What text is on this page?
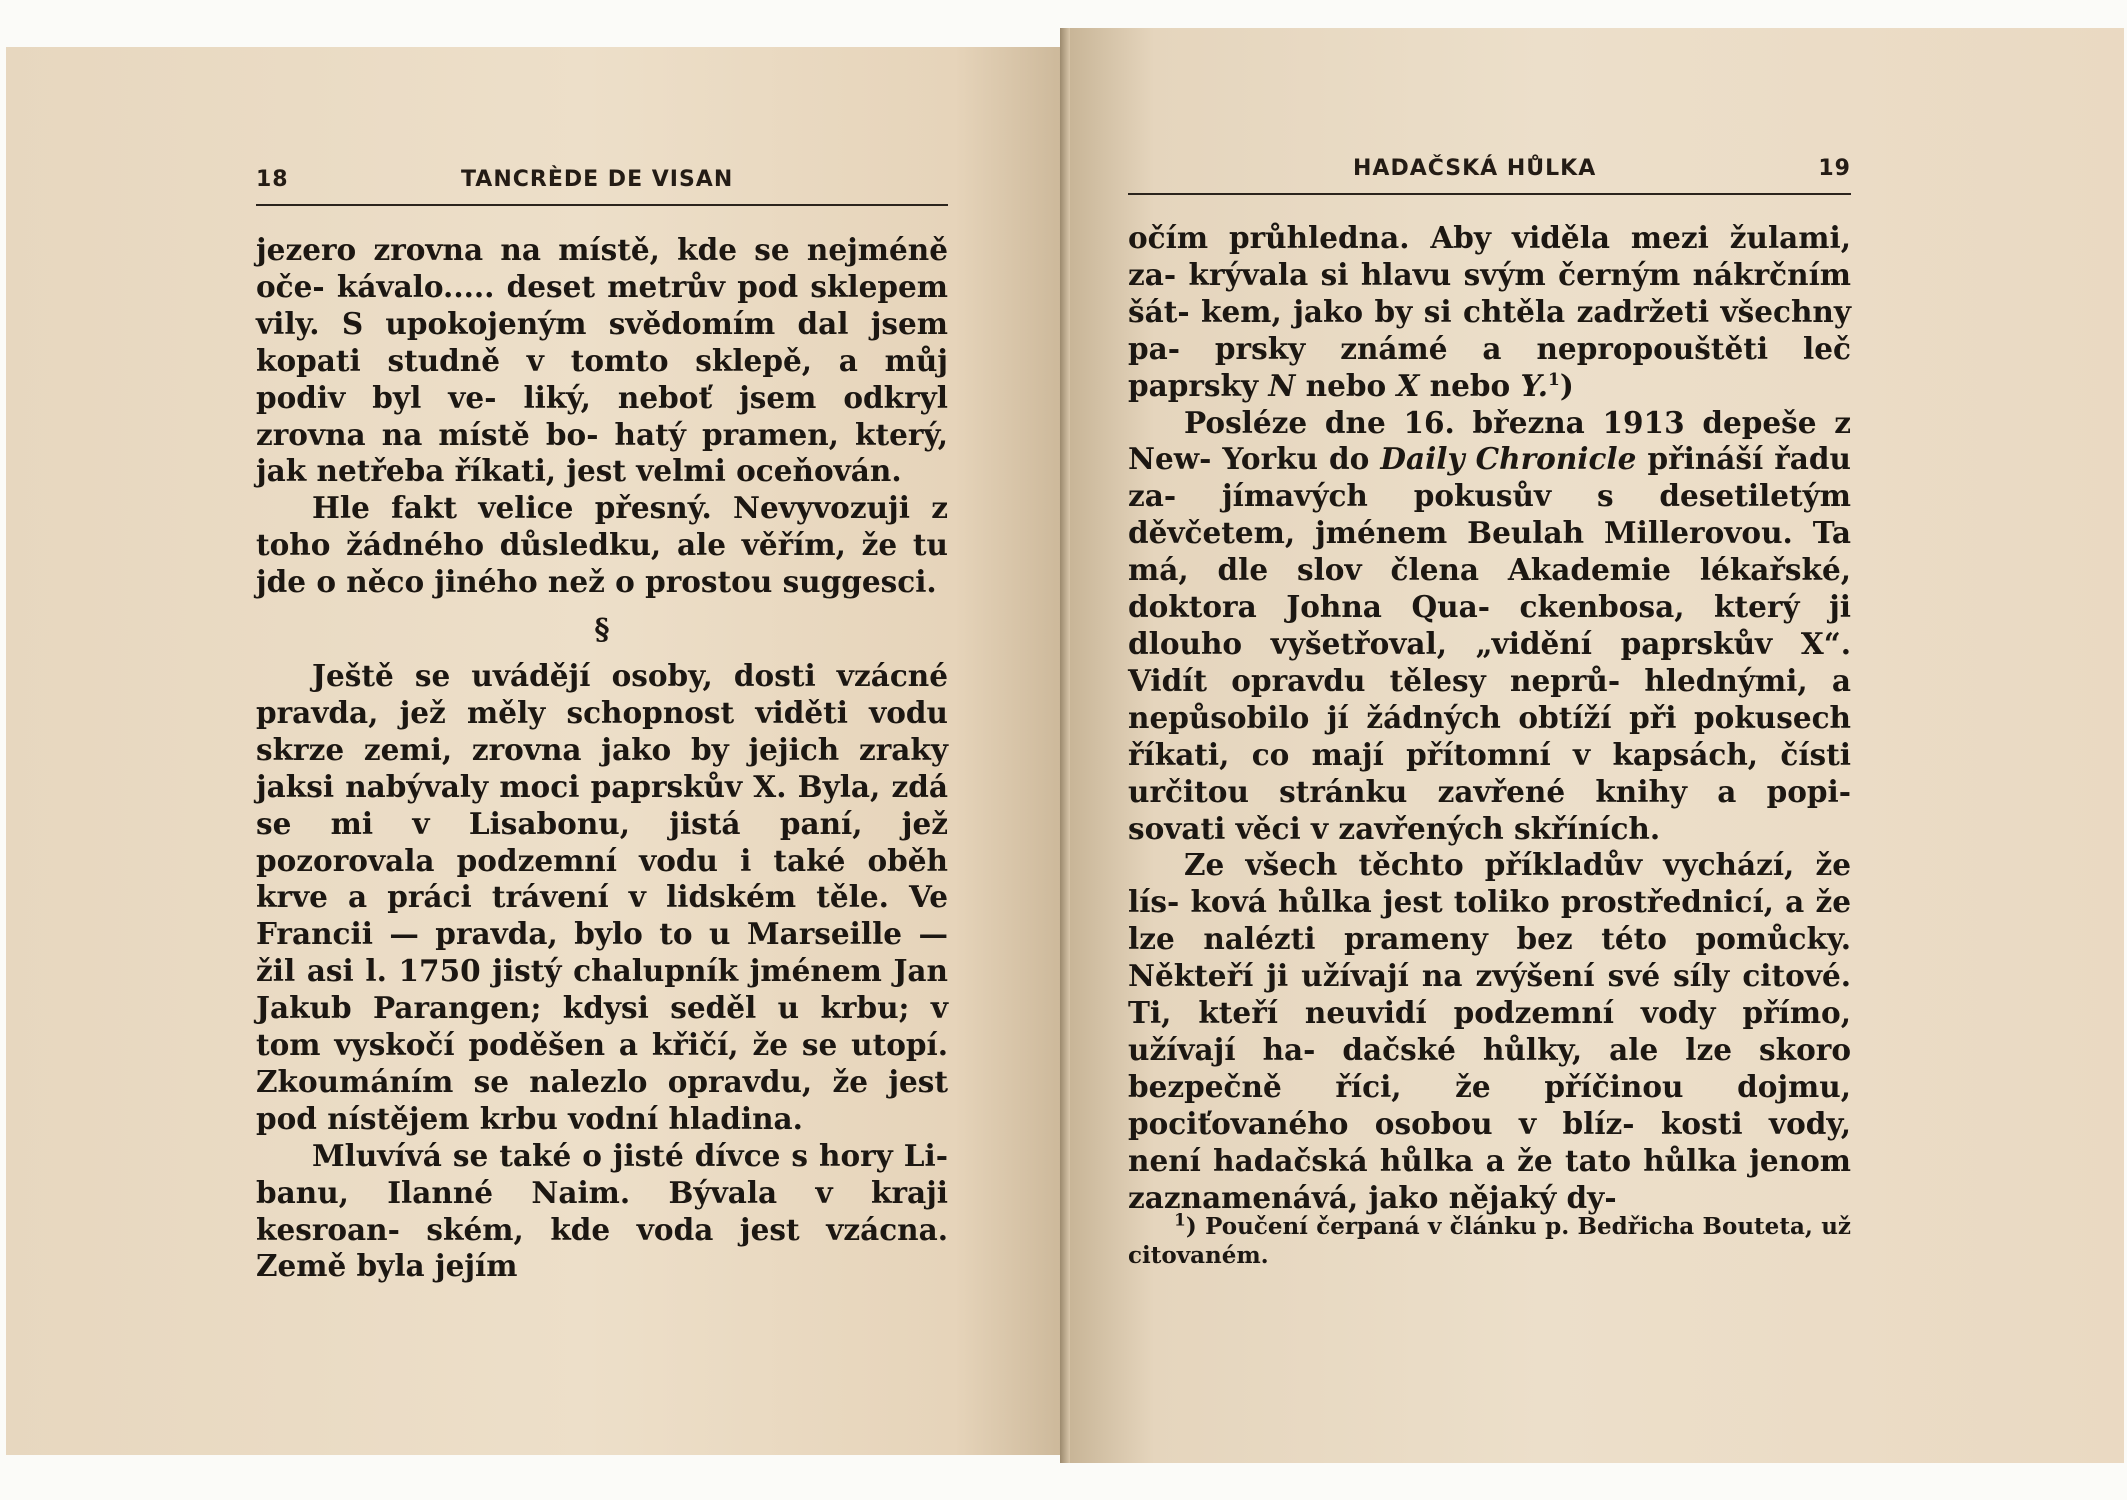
18	TANCRÈDE DE VISAN

jezero zrovna na místě, kde se nejméně oče- kávalo..... deset metrův pod sklepem vily. S upokojeným svědomím dal jsem kopati studně v tomto sklepě, a můj podiv byl ve- liký, neboť jsem odkryl zrovna na místě bo- hatý pramen, který, jak netřeba říkati, jest velmi oceňován.

Hle fakt velice přesný. Nevyvozuji z toho žádného důsledku, ale věřím, že tu jde o něco jiného než o prostou suggesci.

§

Ještě se uvádějí osoby, dosti vzácné pravda, jež měly schopnost viděti vodu skrze zemi, zrovna jako by jejich zraky jaksi nabývaly moci paprskův X. Byla, zdá se mi v Lisabonu, jistá paní, jež pozorovala podzemní vodu i také oběh krve a práci trávení v lidském těle. Ve Francii — pravda, bylo to u Marseille — žil asi l. 1750 jistý chalupník jménem Jan Jakub Parangen; kdysi seděl u krbu; v tom vyskočí poděšen a křičí, že se utopí. Zkoumáním se nalezlo opravdu, že jest pod nístějem krbu vodní hladina.

Mluvívá se také o jisté dívce s hory Li- banu, Ilanné Naim. Bývala v kraji kesroan- ském, kde voda jest vzácna. Země byla jejím

HADAČSKÁ HŮLKA	19

očím průhledna. Aby viděla mezi žulami, za- krývala si hlavu svým černým nákrčním šát- kem, jako by si chtěla zadržeti všechny pa- prsky známé a nepropouštěti leč paprsky N nebo X nebo Y.$^1$)

Posléze dne 16. března 1913 depeše z New- Yorku do Daily Chronicle přináší řadu za- jímavých pokusův s desetiletým děvčetem, jménem Beulah Millerovou. Ta má, dle slov člena Akademie lékařské, doktora Johna Qua- ckenbosa, který ji dlouho vyšetřoval, „vidění paprskův X“. Vidít opravdu tělesy neprů- hlednými, a nepůsobilo jí žádných obtíží při pokusech říkati, co mají přítomní v kapsách, čísti určitou stránku zavřené knihy a popi- sovati věci v zavřených skříních.

Ze všech těchto příkladův vychází, že lís- ková hůlka jest toliko prostřednicí, a že lze nalézti prameny bez této pomůcky. Někteří ji užívají na zvýšení své síly citové. Ti, kteří neuvidí podzemní vody přímo, užívají ha- dačské hůlky, ale lze skoro bezpečně říci, že příčinou dojmu, pociťovaného osobou v blíz- kosti vody, není hadačská hůlka a že tato hůlka jenom zaznamenává, jako nějaký dy-

$^1$) Poučení čerpaná v článku p. Bedřicha Bouteta, už citovaném.
